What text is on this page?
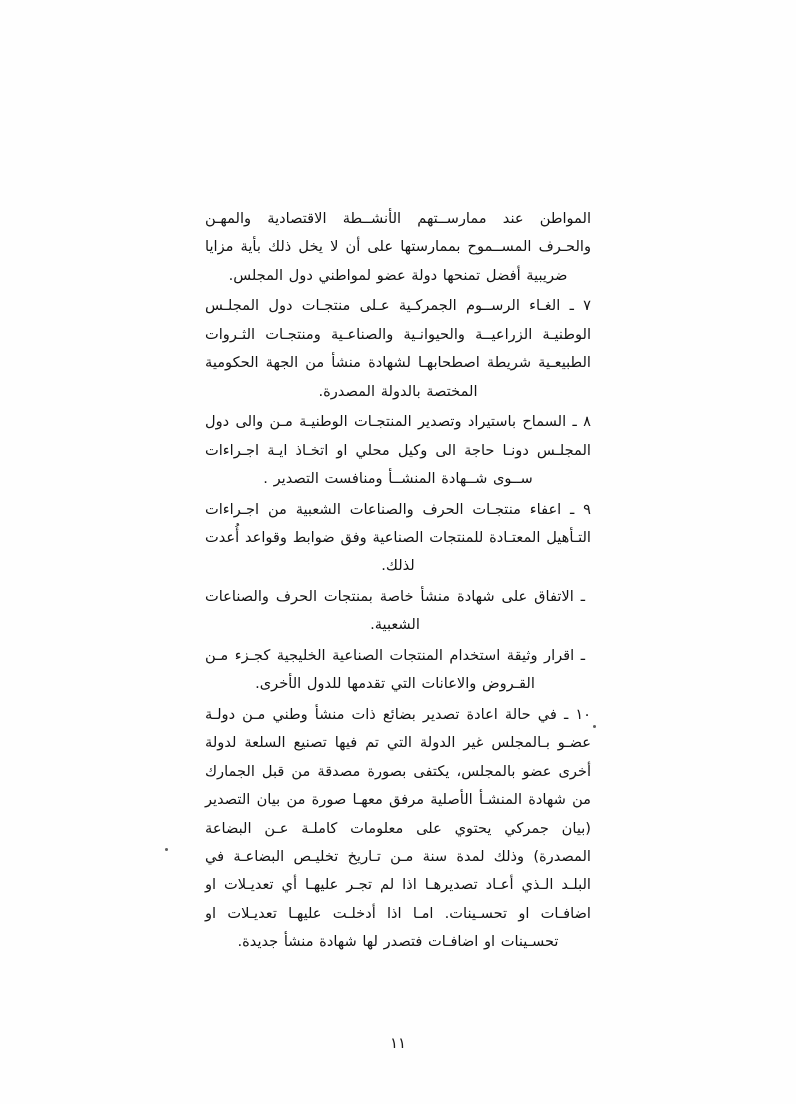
المواطن عند ممارســتهم الأنشــطة الاقتصادية والمهـن والحـرف المســموح بممارستها على أن لا يخل ذلك بأية مزايا ضريبية أفضل تمنحها دولة عضو لمواطني دول المجلس.

٧ ـ الغـاء الرســوم الجمركـية عـلى منتجـات دول المجلـس الوطنيـة الزراعيــة والحيوانـية والصناعـية ومنتجـات الثـروات الطبيعـية شريطة اصطحابهـا لشهادة منشأ من الجهة الحكومية المختصة بالدولة المصدرة.

٨ ـ السماح باستيراد وتصدير المنتجـات الوطنيـة مـن والى دول المجلـس دونـا حاجة الى وكيل محلي او اتخـاذ ايـة اجـراءات ســوى شــهادة المنشــأ ومنافست التصدير .

٩ ـ اعفاء منتجـات الحرف والصناعات الشعبية من اجـراءات التـأهيل المعتـادة للمنتجات الصناعية وفق ضوابط وقواعد أُعدت لذلك.

ـ الاتفاق على شهادة منشأ خاصة بمنتجات الحرف والصناعات الشعبية.

ـ اقرار وثيقة استخدام المنتجات الصناعية الخليجية كجـزء مـن القـروض والاعانات التي تقدمها للدول الأخرى.

١٠ ـ في حالة اعادة تصدير بضائع ذات منشأ وطني مـن دولـة عضـو بـالمجلس غير الدولة التي تم فيها تصنيع السلعة لدولة أخرى عضو بالمجلس، يكتفى بصورة مصدقة من قبل الجمارك من شهادة المنشـأ الأصلية مرفق معهـا صورة من بيان التصدير (بيان جمركي يحتوي على معلومات كاملـة عـن البضاعة المصدرة) وذلك لمدة سنة مـن تـاريخ تخليـص البضاعـة في البلـد الـذي أعـاد تصديرهـا اذا لم تجـر عليهـا أي تعديـلات او اضافـات او تحسـينات. امـا اذا أدخلـت عليهـا تعديـلات او تحسـينات او اضافـات فتصدر لها شهادة منشأ جديدة.

١١
